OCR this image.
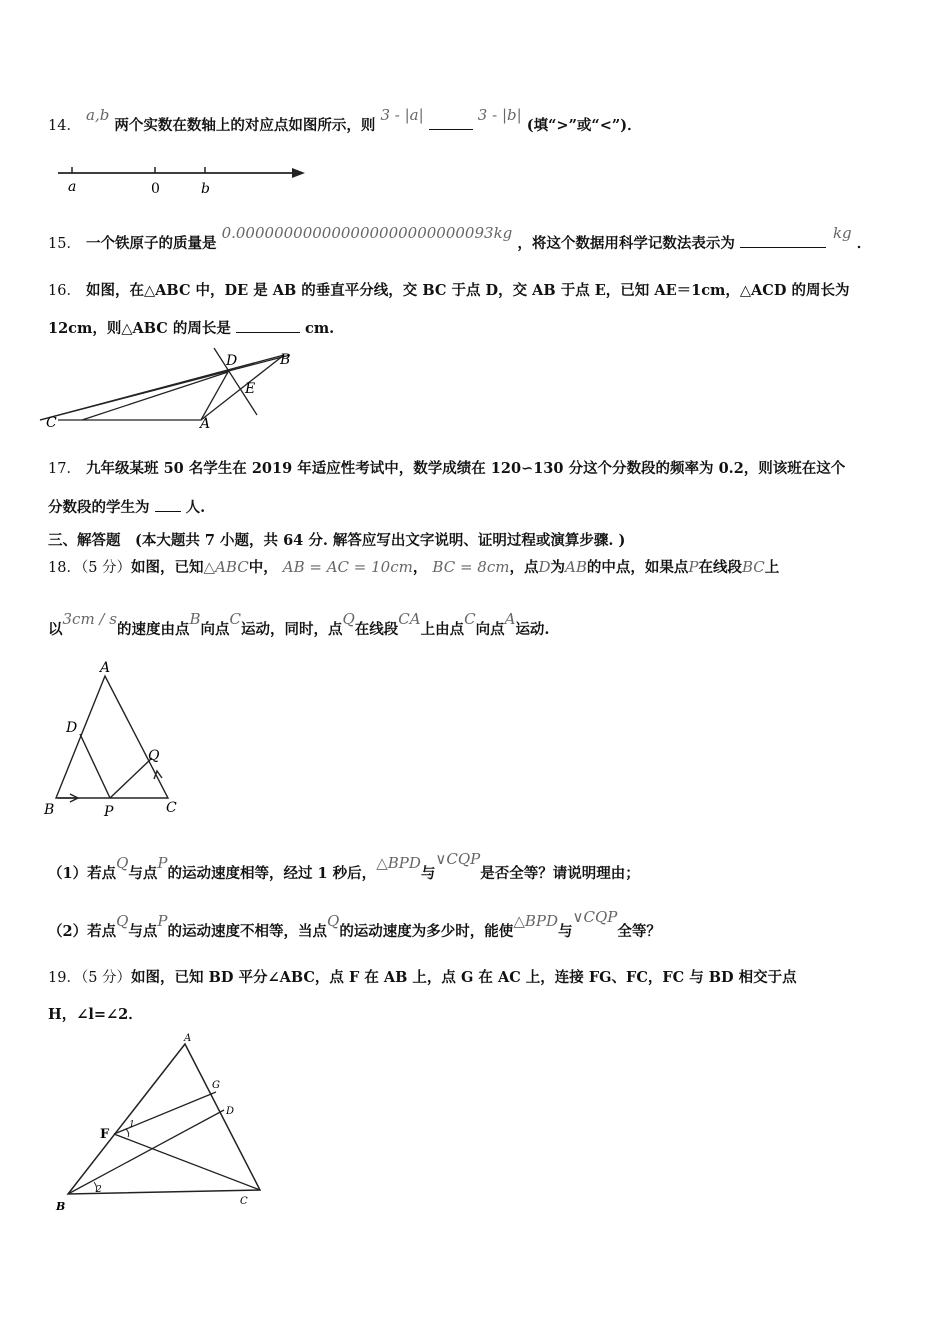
14． a,b 两个实数在数轴上的对应点如图所示，则 3 - |a|	3 - |b| (填“>”或“<”)．
a	0	b
15． 一个铁原子的质量是 0.000000000000000000000000093kg ，将这个数据用科学记数法表示为  kg ．
16． 如图，在△ABC 中，DE 是 AB 的垂直平分线，交 BC 于点 D，交 AB 于点 E，已知 AE＝1cm，△ACD 的周长为
12cm，则△ABC 的周长是	cm.
C	A
D	B
E
17． 九年级某班 50 名学生在 2019 年适应性考试中，数学成绩在 120∽130 分这个分数段的频率为 0.2，则该班在这个
分数段的学生为 人.
三、解答题　(本大题共 7 小题，共 64 分. 解答应写出文字说明、证明过程或演算步骤. )
18．（5 分）如图，已知△ABC中， AB = AC = 10cm， BC = 8cm，点D为AB的中点，如果点P在线段BC上
以3cm / s的速度由点B向点C运动，同时，点Q在线段CA上由点C向点A运动.
A
D
Q
B	P	C
（1）若点Q与点P的运动速度相等，经过 1 秒后，△BPD与∨CQP是否全等？请说明理由；
（2）若点Q与点P的运动速度不相等，当点Q的运动速度为多少时，能使△BPD与∨CQP全等？
19．（5 分）如图，已知 BD 平分∠ABC，点 F 在 AB 上，点 G 在 AC 上，连接 FG、FC，FC 与 BD 相交于点
H，∠l=∠2．
A
G
D
F
B	C
1
2
